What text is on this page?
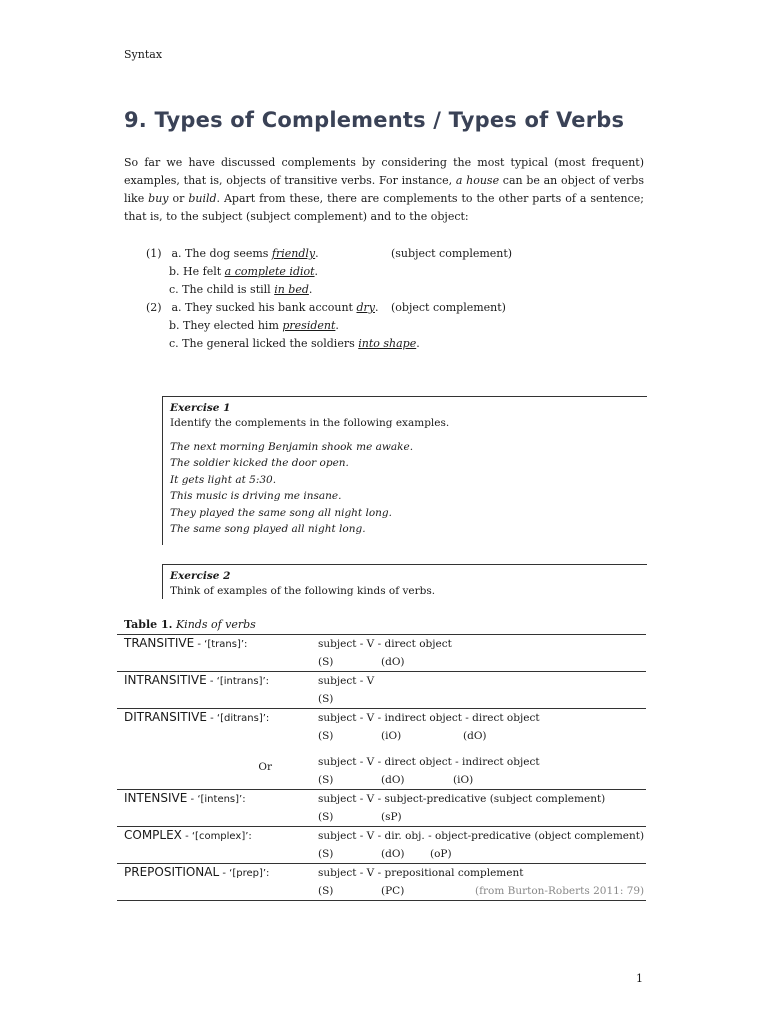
Syntax
9. Types of Complements / Types of Verbs

So far we have discussed complements by considering the most typical (most frequent) examples, that is, objects of transitive verbs. For instance, a house can be an object of verbs like buy or build. Apart from these, there are complements to the other parts of a sentence; that is, to the subject (subject complement) and to the object:

(1) a. The dog seems friendly.	(subject complement)
b. He felt a complete idiot.
c. The child is still in bed.
(2) a. They sucked his bank account dry. (object complement)
b. They elected him president.
c. The general licked the soldiers into shape.
Exercise 1
Identify the complements in the following examples.
The next morning Benjamin shook me awake.
The soldier kicked the door open.
It gets light at 5:30.
This music is driving me insane.
They played the same song all night long.
The same song played all night long.
Exercise 2
Think of examples of the following kinds of verbs.
Table 1. Kinds of verbs
TRANSITIVE - ‘[trans]’:	subject - V - direct object
(S) (dO)

INTRANSITIVE - ‘[intrans]’:	subject - V
(S)

DITRANSITIVE - ‘[ditrans]’:	subject - V - indirect object - direct object
(S) (iO) (dO)

Or	subject - V - direct object - indirect object
(S) (dO) (iO)

INTENSIVE - ‘[intens]’:	subject - V - subject-predicative (subject complement)
(S) (sP)

COMPLEX - ‘[complex]’:	subject - V - dir. obj. - object-predicative (object complement)
(S) (dO) (oP)

PREPOSITIONAL - ‘[prep]’:	subject - V - prepositional complement
(S) (PC) (from Burton-Roberts 2011: 79)
1
